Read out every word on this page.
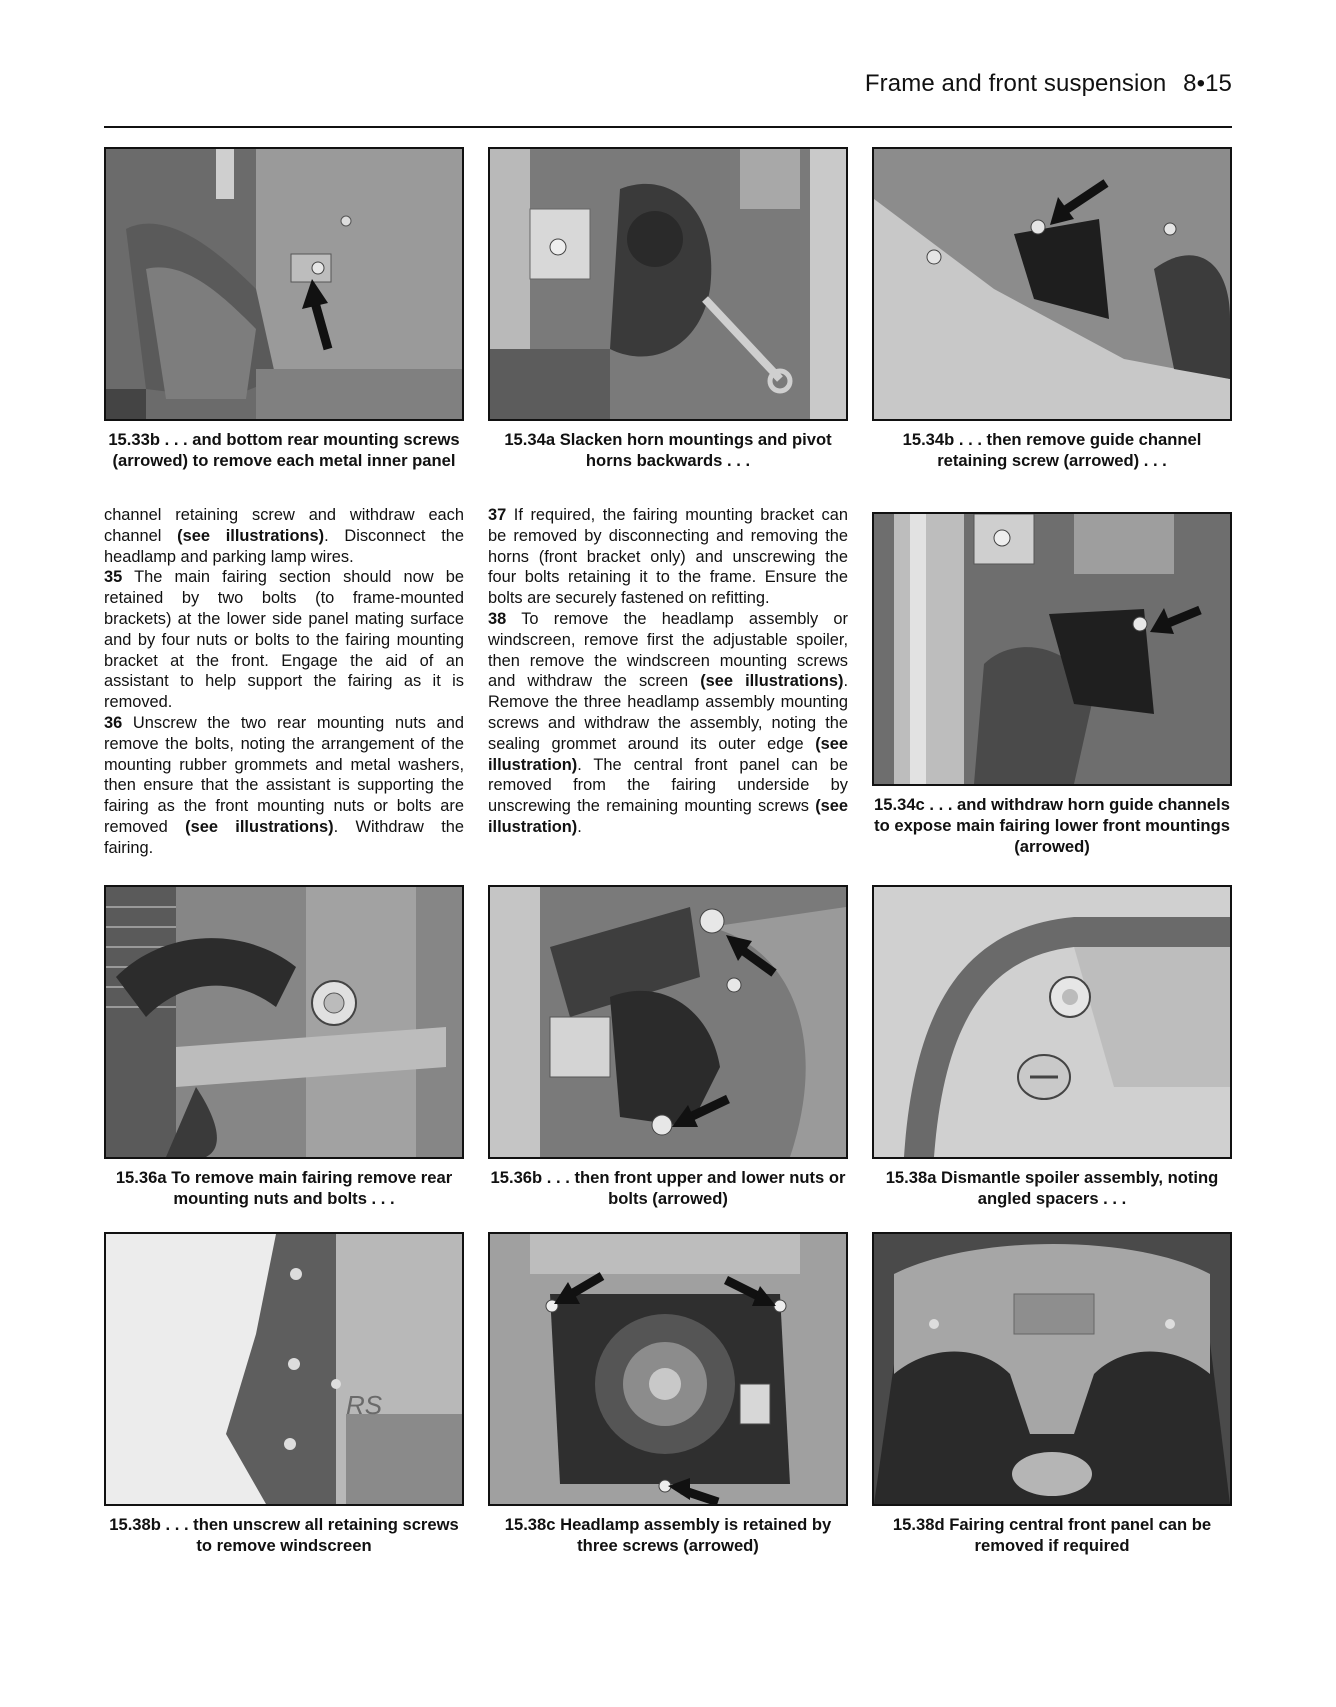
Frame and front suspension 8•15
15.33b . . . and bottom rear mounting screws (arrowed) to remove each metal inner panel
15.34a Slacken horn mountings and pivot horns backwards . . .
15.34b . . . then remove guide channel retaining screw (arrowed) . . .

channel retaining screw and withdraw each channel (see illustrations). Disconnect the headlamp and parking lamp wires.

35 The main fairing section should now be retained by two bolts (to frame-mounted brackets) at the lower side panel mating surface and by four nuts or bolts to the fairing mounting bracket at the front. Engage the aid of an assistant to help support the fairing as it is removed.

36 Unscrew the two rear mounting nuts and remove the bolts, noting the arrangement of the mounting rubber grommets and metal washers, then ensure that the assistant is supporting the fairing as the front mounting nuts or bolts are removed (see illustrations). Withdraw the fairing.

37 If required, the fairing mounting bracket can be removed by disconnecting and removing the horns (front bracket only) and unscrewing the four bolts retaining it to the frame. Ensure the bolts are securely fastened on refitting.

38 To remove the headlamp assembly or windscreen, remove first the adjustable spoiler, then remove the windscreen mounting screws and withdraw the screen (see illustrations). Remove the three headlamp assembly mounting screws and withdraw the assembly, noting the sealing grommet around its outer edge (see illustration). The central front panel can be removed from the fairing underside by unscrewing the remaining mounting screws (see illustration).

15.34c . . . and withdraw horn guide channels to expose main fairing lower front mountings (arrowed)
15.36a To remove main fairing remove rear mounting nuts and bolts . . .
15.36b . . . then front upper and lower nuts or bolts (arrowed)
15.38a Dismantle spoiler assembly, noting angled spacers . . .
RS
15.38b . . . then unscrew all retaining screws to remove windscreen
15.38c Headlamp assembly is retained by three screws (arrowed)
15.38d Fairing central front panel can be removed if required
